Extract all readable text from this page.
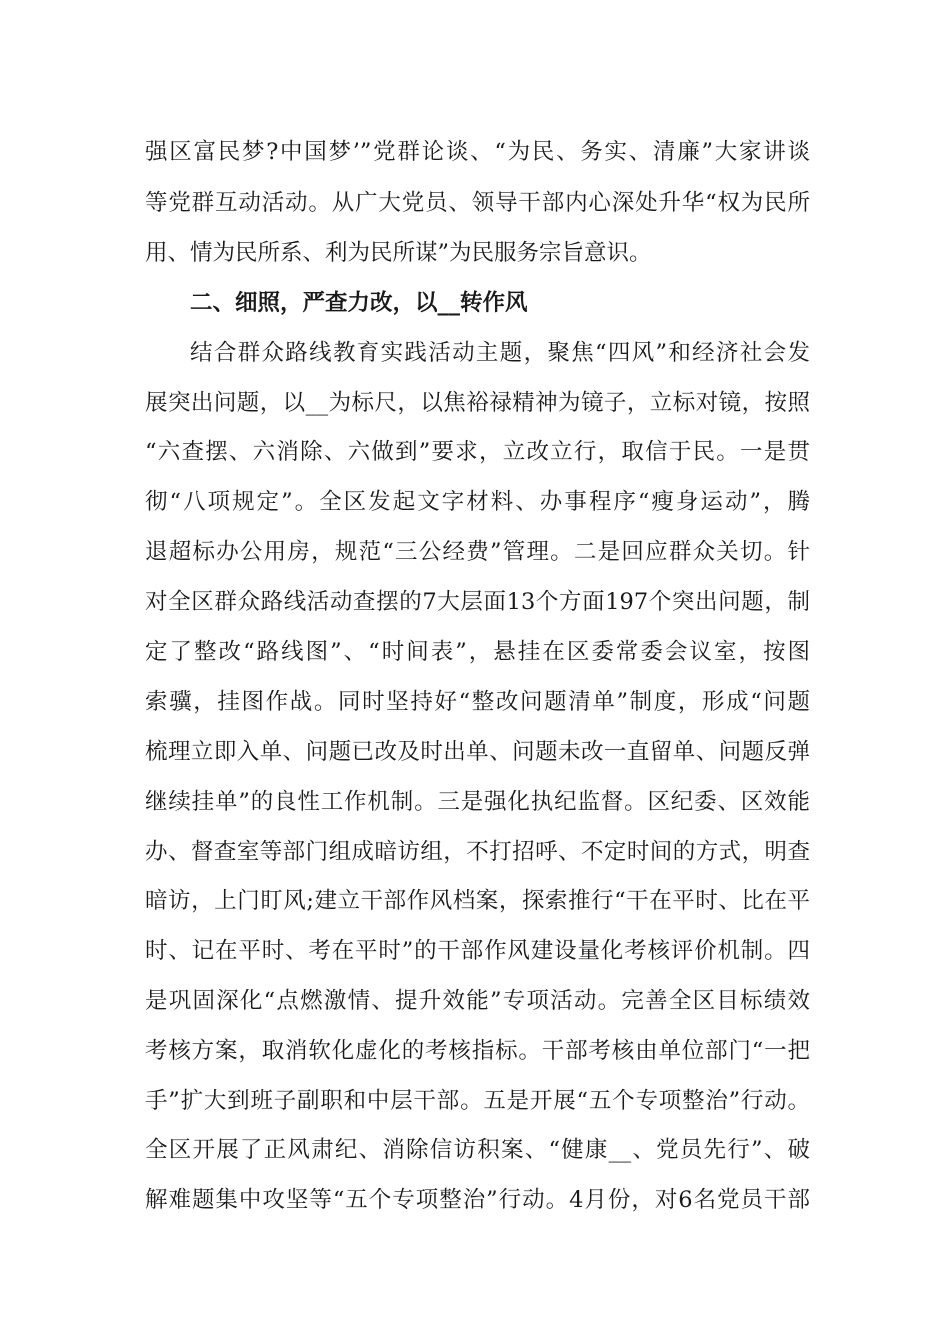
强区富民梦?中国梦’”党群论谈、“为民、务实、清廉”大家讲谈
等党群互动活动。从广大党员、领导干部内心深处升华“权为民所
用、情为民所系、利为民所谋”为民服务宗旨意识。
二、细照，严查力改，以__转作风
结合群众路线教育实践活动主题，聚焦“四风”和经济社会发
展突出问题，以__为标尺，以焦裕禄精神为镜子，立标对镜，按照
“六查摆、六消除、六做到”要求，立改立行，取信于民。一是贯
彻“八项规定”。全区发起文字材料、办事程序“瘦身运动”，腾
退超标办公用房，规范“三公经费”管理。二是回应群众关切。针
对全区群众路线活动查摆的7大层面13个方面197个突出问题，制
定了整改“路线图”、“时间表”，悬挂在区委常委会议室，按图
索骥，挂图作战。同时坚持好“整改问题清单”制度，形成“问题
梳理立即入单、问题已改及时出单、问题未改一直留单、问题反弹
继续挂单”的良性工作机制。三是强化执纪监督。区纪委、区效能
办、督查室等部门组成暗访组，不打招呼、不定时间的方式，明查
暗访，上门盯风;建立干部作风档案，探索推行“干在平时、比在平
时、记在平时、考在平时”的干部作风建设量化考核评价机制。四
是巩固深化“点燃激情、提升效能”专项活动。完善全区目标绩效
考核方案，取消软化虚化的考核指标。干部考核由单位部门“一把
手”扩大到班子副职和中层干部。五是开展“五个专项整治”行动。
全区开展了正风肃纪、消除信访积案、“健康__、党员先行”、破
解难题集中攻坚等“五个专项整治”行动。4月份，对6名党员干部
